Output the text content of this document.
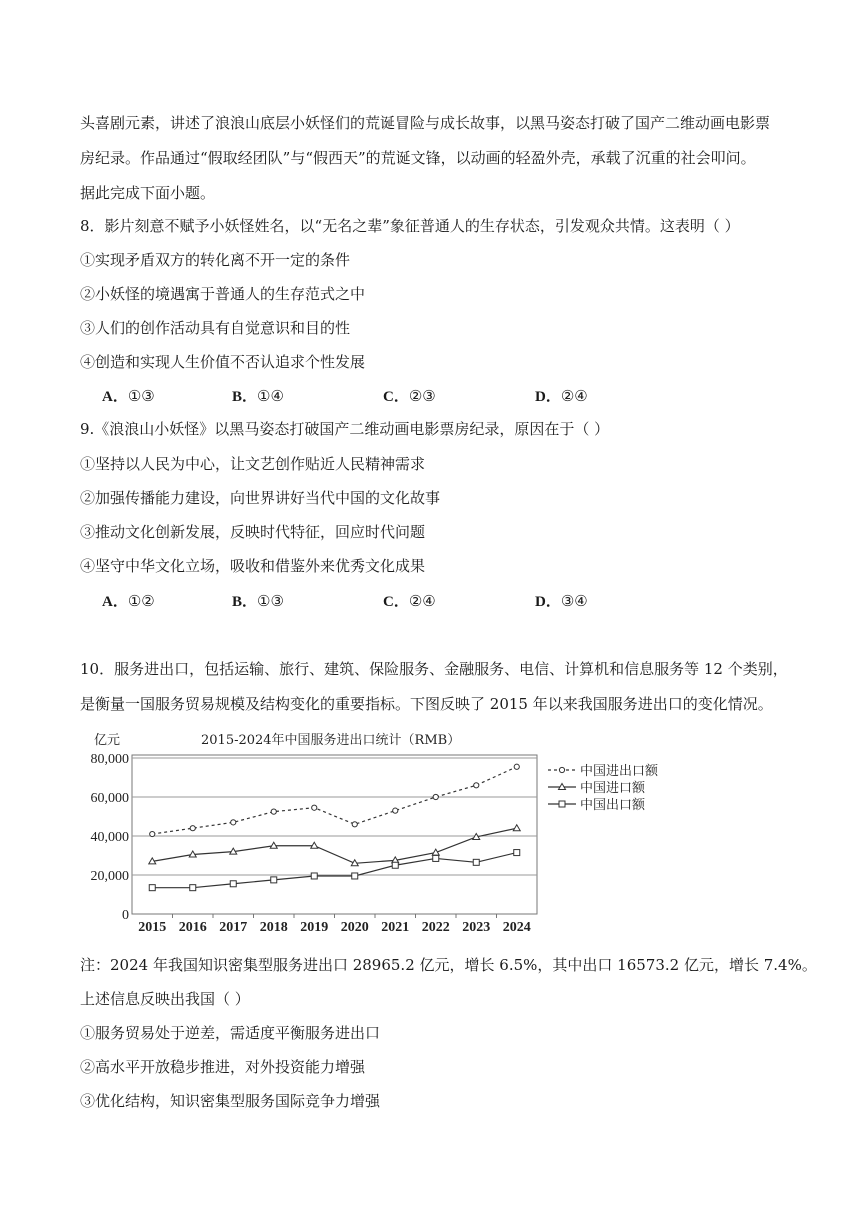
头喜剧元素，讲述了浪浪山底层小妖怪们的荒诞冒险与成长故事，以黑马姿态打破了国产二维动画电影票
房纪录。作品通过“假取经团队”与“假西天”的荒诞文锋，以动画的轻盈外壳，承载了沉重的社会叩问。
据此完成下面小题。
8．影片刻意不赋予小妖怪姓名，以“无名之辈”象征普通人的生存状态，引发观众共情。这表明（ ）
①实现矛盾双方的转化离不开一定的条件
②小妖怪的境遇寓于普通人的生存范式之中
③人们的创作活动具有自觉意识和目的性
④创造和实现人生价值不否认追求个性发展
A．①③	B．①④	C．②③	D．②④
9.《浪浪山小妖怪》以黑马姿态打破国产二维动画电影票房纪录，原因在于（ ）
①坚持以人民为中心，让文艺创作贴近人民精神需求
②加强传播能力建设，向世界讲好当代中国的文化故事
③推动文化创新发展，反映时代特征，回应时代问题
④坚守中华文化立场，吸收和借鉴外来优秀文化成果
A．①②	B．①③	C．②④	D．③④
10．服务进出口，包括运输、旅行、建筑、保险服务、金融服务、电信、计算机和信息服务等 12 个类别，
是衡量一国服务贸易规模及结构变化的重要指标。下图反映了 2015 年以来我国服务进出口的变化情况。
亿元	2015-2024年中国服务进出口统计（RMB）
0
20,000
40,000
60,000
80,000
2015 2016 2017 2018 2019 2020 2021 2022 2023 2024
中国进出口额
中国进口额
中国出口额
注：2024 年我国知识密集型服务进出口 28965.2 亿元，增长 6.5%，其中出口 16573.2 亿元，增长 7.4%。
上述信息反映出我国（ ）
①服务贸易处于逆差，需适度平衡服务进出口
②高水平开放稳步推进，对外投资能力增强
③优化结构，知识密集型服务国际竞争力增强
